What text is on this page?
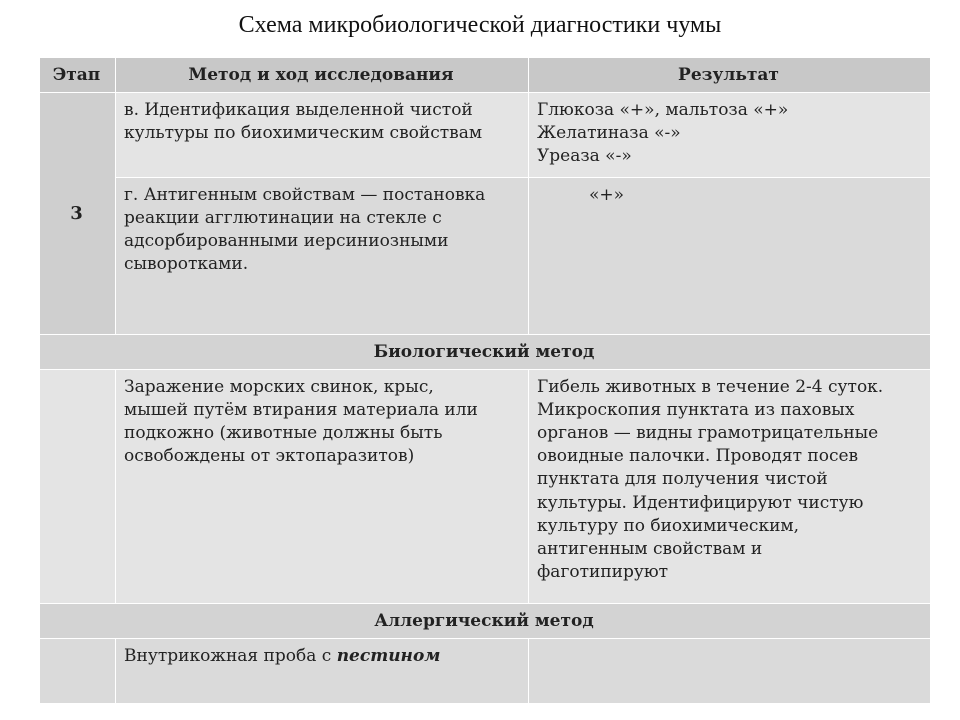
Схема микробиологической диагностики чумы
Этап	Метод и ход исследования	Результат
3
в. Идентификация выделенной чистой
культуры по биохимическим свойствам
Глюкоза «+», мальтоза «+»
Желатиназа «-»
Уреаза «-»
г. Антигенным свойствам — постановка
реакции агглютинации на стекле с
адсорбированными иерсиниозными
сыворотками.
«+»
Биологический метод
Заражение морских свинок, крыс,
мышей путём втирания материала или
подкожно (животные должны быть
освобождены от эктопаразитов)
Гибель животных в течение 2-4 суток.
Микроскопия пунктата из паховых
органов — видны грамотрицательные
овоидные палочки. Проводят посев
пунктата для получения чистой
культуры. Идентифицируют чистую
культуру по биохимическим,
антигенным свойствам и
фаготипируют
Аллергический метод
Внутрикожная проба с пестином
